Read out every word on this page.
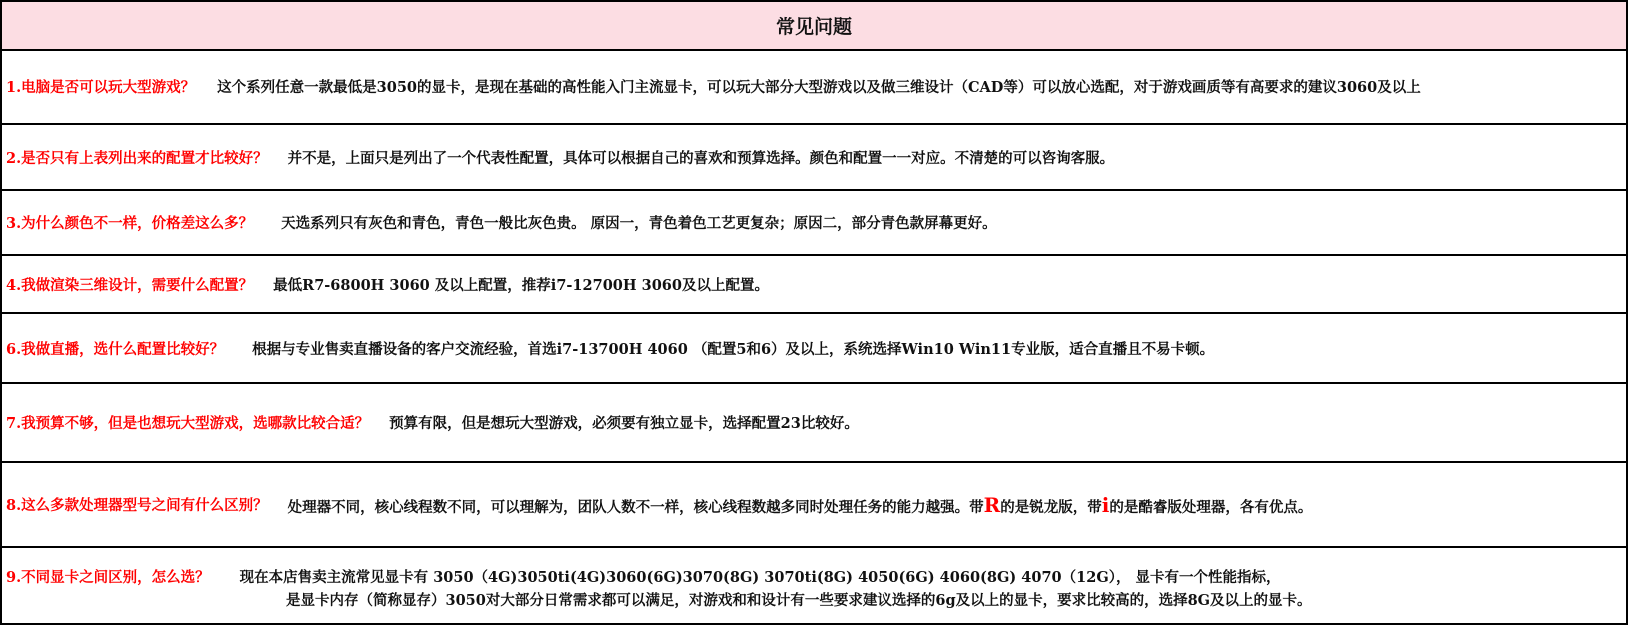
常见问题
1.电脑是否可以玩大型游戏？ 这个系列任意一款最低是3050的显卡，是现在基础的高性能入门主流显卡，可以玩大部分大型游戏以及做三维设计（CAD等）可以放心选配，对于游戏画质等有高要求的建议3060及以上
2.是否只有上表列出来的配置才比较好？ 并不是，上面只是列出了一个代表性配置，具体可以根据自己的喜欢和预算选择。颜色和配置一一对应。不清楚的可以咨询客服。
3.为什么颜色不一样，价格差这么多？ 天选系列只有灰色和青色，青色一般比灰色贵。 原因一，青色着色工艺更复杂；原因二，部分青色款屏幕更好。
4.我做渲染三维设计，需要什么配置？ 最低R7-6800H 3060 及以上配置，推荐i7-12700H 3060及以上配置。
6.我做直播，选什么配置比较好？ 根据与专业售卖直播设备的客户交流经验，首选i7-13700H 4060 （配置5和6）及以上，系统选择Win10 Win11专业版，适合直播且不易卡顿。
7.我预算不够，但是也想玩大型游戏，选哪款比较合适？ 预算有限，但是想玩大型游戏，必须要有独立显卡，选择配置23比较好。
8.这么多款处理器型号之间有什么区别？ 处理器不同，核心线程数不同，可以理解为，团队人数不一样，核心线程数越多同时处理任务的能力越强。带R的是锐龙版，带i的是酷睿版处理器，各有优点。
9.不同显卡之间区别，怎么选？ 现在本店售卖主流常见显卡有 3050（4G)3050ti(4G)3060(6G)3070(8G) 3070ti(8G) 4050(6G) 4060(8G) 4070（12G）， 显卡有一个性能指标，
是显卡内存（简称显存）3050对大部分日常需求都可以满足，对游戏和和设计有一些要求建议选择的6g及以上的显卡，要求比较高的，选择8G及以上的显卡。
